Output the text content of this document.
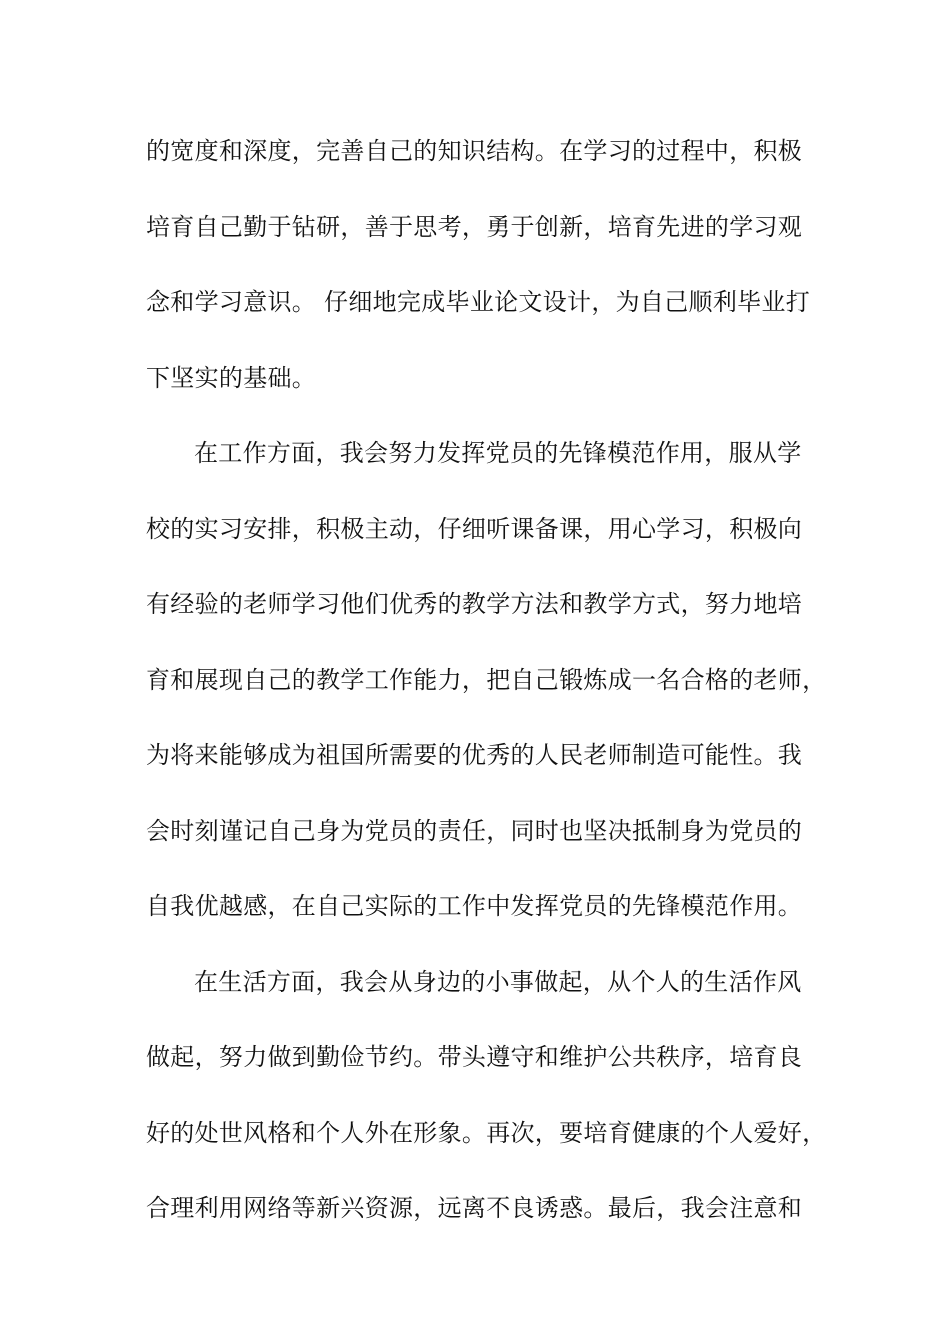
的宽度和深度，完善自己的知识结构。在学习的过程中，积极
培育自己勤于钻研，善于思考，勇于创新，培育先进的学习观
念和学习意识。 仔细地完成毕业论文设计，为自己顺利毕业打
下坚实的基础。
在工作方面，我会努力发挥党员的先锋模范作用，服从学
校的实习安排，积极主动，仔细听课备课，用心学习，积极向
有经验的老师学习他们优秀的教学方法和教学方式，努力地培
育和展现自己的教学工作能力，把自己锻炼成一名合格的老师，
为将来能够成为祖国所需要的优秀的人民老师制造可能性。我
会时刻谨记自己身为党员的责任，同时也坚决抵制身为党员的
自我优越感，在自己实际的工作中发挥党员的先锋模范作用。
在生活方面，我会从身边的小事做起，从个人的生活作风
做起，努力做到勤俭节约。带头遵守和维护公共秩序，培育良
好的处世风格和个人外在形象。再次，要培育健康的个人爱好，
合理利用网络等新兴资源，远离不良诱惑。最后，我会注意和
